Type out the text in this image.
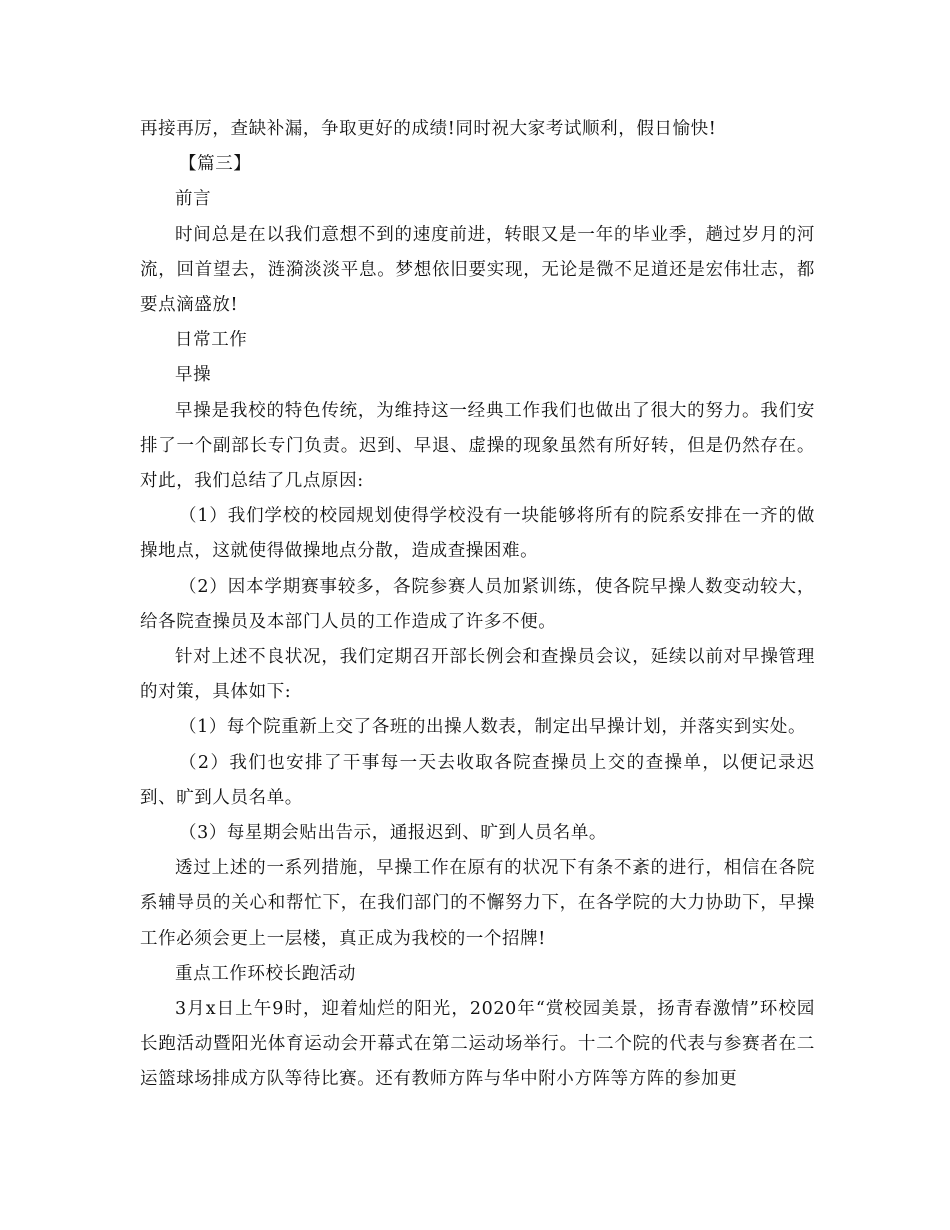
再接再厉，查缺补漏，争取更好的成绩!同时祝大家考试顺利，假日愉快!

【篇三】

前言

时间总是在以我们意想不到的速度前进，转眼又是一年的毕业季，趟过岁月的河流，回首望去，涟漪淡淡平息。梦想依旧要实现，无论是微不足道还是宏伟壮志，都要点滴盛放!

日常工作

早操

早操是我校的特色传统，为维持这一经典工作我们也做出了很大的努力。我们安排了一个副部长专门负责。迟到、早退、虚操的现象虽然有所好转，但是仍然存在。对此，我们总结了几点原因:

（1）我们学校的校园规划使得学校没有一块能够将所有的院系安排在一齐的做操地点，这就使得做操地点分散，造成查操困难。

（2）因本学期赛事较多，各院参赛人员加紧训练，使各院早操人数变动较大，给各院查操员及本部门人员的工作造成了许多不便。

针对上述不良状况，我们定期召开部长例会和查操员会议，延续以前对早操管理的对策，具体如下:

（1）每个院重新上交了各班的出操人数表，制定出早操计划，并落实到实处。

（2）我们也安排了干事每一天去收取各院查操员上交的查操单，以便记录迟到、旷到人员名单。

（3）每星期会贴出告示，通报迟到、旷到人员名单。

透过上述的一系列措施，早操工作在原有的状况下有条不紊的进行，相信在各院系辅导员的关心和帮忙下，在我们部门的不懈努力下，在各学院的大力协助下，早操工作必须会更上一层楼，真正成为我校的一个招牌!

重点工作环校长跑活动

3月x日上午9时，迎着灿烂的阳光，2020年“赏校园美景，扬青春激情”环校园长跑活动暨阳光体育运动会开幕式在第二运动场举行。十二个院的代表与参赛者在二运篮球场排成方队等待比赛。还有教师方阵与华中附小方阵等方阵的参加更
